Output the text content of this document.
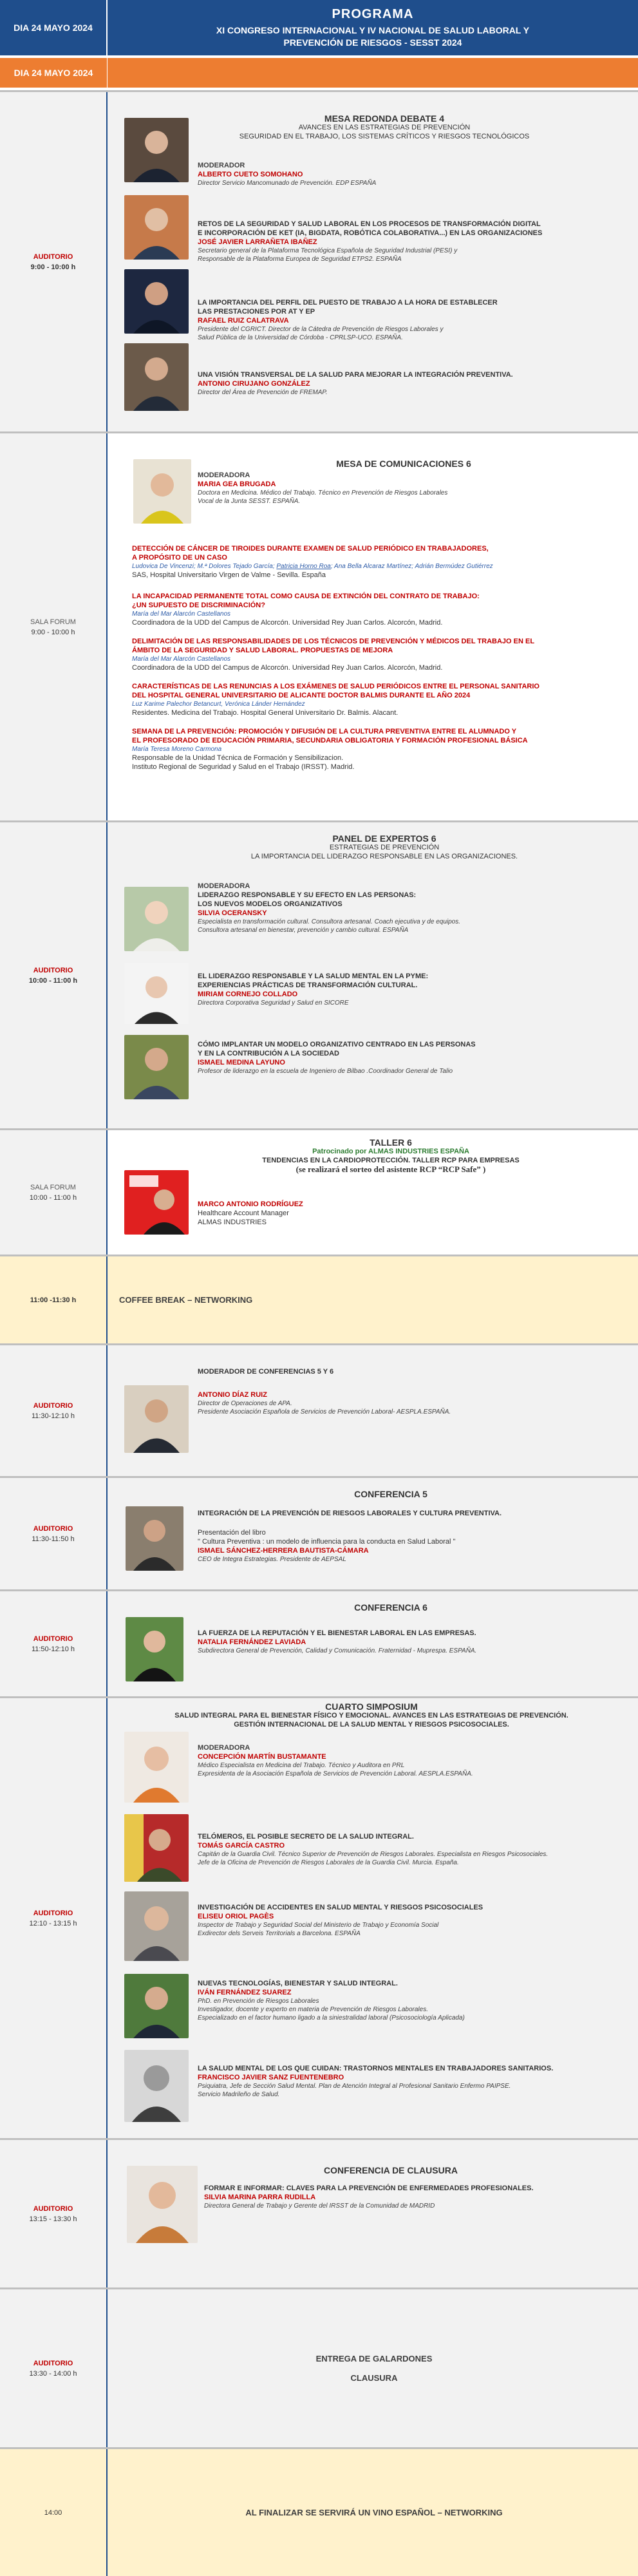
DIA 24 MAYO 2024
PROGRAMA
XI CONGRESO INTERNACIONAL Y IV NACIONAL DE SALUD LABORAL Y
PREVENCIÓN DE RIESGOS - SESST 2024
DIA 24 MAYO 2024
AUDITORIO
9:00 - 10:00 h
MESA REDONDA DEBATE 4
AVANCES EN LAS ESTRATEGIAS DE PREVENCIÓN
SEGURIDAD EN EL TRABAJO, LOS SISTEMAS CRÍTICOS Y RIESGOS TECNOLÓGICOS
MODERADOR
ALBERTO CUETO SOMOHANO
Director Servicio Mancomunado de Prevención. EDP ESPAÑA
RETOS DE LA SEGURIDAD Y SALUD LABORAL EN LOS PROCESOS DE TRANSFORMACIÓN DIGITAL
E INCORPORACIÓN DE KET (IA, BIGDATA, ROBÓTICA COLABORATIVA...) EN LAS ORGANIZACIONES
JOSÉ JAVIER LARRAÑETA IBAÑEZ
Secretario general de la Plataforma Tecnológica Española de Seguridad Industrial (PESI) y
Responsable de la Plataforma Europea de Seguridad ETPS2. ESPAÑA
LA IMPORTANCIA DEL PERFIL DEL PUESTO DE TRABAJO A LA HORA DE ESTABLECER
LAS PRESTACIONES POR AT Y EP
RAFAEL RUIZ CALATRAVA
Presidente del CGRICT. Director de la Cátedra de Prevención de Riesgos Laborales y
Salud Pública de la Universidad de Córdoba - CPRLSP-UCO. ESPAÑA.
UNA VISIÓN TRANSVERSAL DE LA SALUD PARA MEJORAR LA INTEGRACIÓN PREVENTIVA.
ANTONIO CIRUJANO GONZÁLEZ
Director del Área de Prevención de FREMAP.
SALA FORUM
9:00 - 10:00 h
MESA DE COMUNICACIONES 6
MODERADORA
MARIA GEA BRUGADA
Doctora en Medicina. Médico del Trabajo. Técnico en Prevención de Riesgos Laborales
Vocal de la Junta SESST. ESPAÑA.
DETECCIÓN DE CÁNCER DE TIROIDES DURANTE EXAMEN DE SALUD PERIÓDICO EN TRABAJADORES,
A PROPÓSITO DE UN CASO
Ludovica De Vincenzi; M.ª Dolores Tejado García; Patricia Horno Roa; Ana Bella Alcaraz Martínez; Adrián Bermúdez Gutiérrez
SAS, Hospital Universitario Virgen de Valme - Sevilla. España
LA INCAPACIDAD PERMANENTE TOTAL COMO CAUSA DE EXTINCIÓN DEL CONTRATO DE TRABAJO:
¿UN SUPUESTO DE DISCRIMINACIÓN?
María del Mar Alarcón Castellanos
Coordinadora de la UDD del Campus de Alcorcón. Universidad Rey Juan Carlos. Alcorcón, Madrid.
DELIMITACIÓN DE LAS RESPONSABILIDADES DE LOS TÉCNICOS DE PREVENCIÓN Y MÉDICOS DEL TRABAJO EN EL
ÁMBITO DE LA SEGURIDAD Y SALUD LABORAL. PROPUESTAS DE MEJORA
María del Mar Alarcón Castellanos
Coordinadora de la UDD del Campus de Alcorcón. Universidad Rey Juan Carlos. Alcorcón, Madrid.
CARACTERÍSTICAS DE LAS RENUNCIAS A LOS EXÁMENES DE SALUD PERIÓDICOS ENTRE EL PERSONAL SANITARIO
DEL HOSPITAL GENERAL UNIVERSITARIO DE ALICANTE DOCTOR BALMIS DURANTE EL AÑO 2024
Luz Karime Palechor Betancurt, Verónica Lánder Hernández
Residentes. Medicina del Trabajo. Hospital General Universitario Dr. Balmis. Alacant.
SEMANA DE LA PREVENCIÓN: PROMOCIÓN Y DIFUSIÓN DE LA CULTURA PREVENTIVA ENTRE EL ALUMNADO Y
EL PROFESORADO DE EDUCACIÓN PRIMARIA, SECUNDARIA OBLIGATORIA Y FORMACIÓN PROFESIONAL BÁSICA
María Teresa Moreno Carmona
Responsable de la Unidad Técnica de Formación y Sensibilizacion.
Instituto Regional de Seguridad y Salud en el Trabajo (IRSST). Madrid.
AUDITORIO
10:00 - 11:00 h
PANEL DE EXPERTOS 6
ESTRATEGIAS DE PREVENCIÓN
LA IMPORTANCIA DEL LIDERAZGO RESPONSABLE EN LAS ORGANIZACIONES.
MODERADORA
LIDERAZGO RESPONSABLE Y SU EFECTO EN LAS PERSONAS:
LOS NUEVOS MODELOS ORGANIZATIVOS
SILVIA OCERANSKY
Especialista en transformación cultural. Consultora artesanal. Coach ejecutiva y de equipos.
Consultora artesanal en bienestar, prevención y cambio cultural. ESPAÑA
EL LIDERAZGO RESPONSABLE Y LA SALUD MENTAL EN LA PYME:
EXPERIENCIAS PRÁCTICAS DE TRANSFORMACIÓN CULTURAL.
MIRIAM CORNEJO COLLADO
Directora Corporativa Seguridad y Salud en SICORE
CÓMO IMPLANTAR UN MODELO ORGANIZATIVO CENTRADO EN LAS PERSONAS
Y EN LA CONTRIBUCIÓN A LA SOCIEDAD
ISMAEL MEDINA LAYUNO
Profesor de liderazgo en la escuela de Ingeniero de Bilbao .Coordinador General de Talio
SALA FORUM
10:00 - 11:00 h
TALLER 6
Patrocinado por ALMAS INDUSTRIES ESPAÑA
TENDENCIAS EN LA CARDIOPROTECCIÓN. TALLER RCP PARA EMPRESAS
(se realizará el sorteo del asistente RCP “RCP Safe” )
MARCO ANTONIO RODRÍGUEZ
Healthcare Account Manager
ALMAS INDUSTRIES
11:00 -11:30 h	COFFEE BREAK – NETWORKING
AUDITORIO
11:30-12:10 h
MODERADOR DE CONFERENCIAS 5 Y 6
ANTONIO DÍAZ RUIZ
Director de Operaciones de APA.
Presidente Asociación Española de Servicios de Prevención Laboral- AESPLA.ESPAÑA.
AUDITORIO
11:30-11:50 h
CONFERENCIA 5
INTEGRACIÓN DE LA PREVENCIÓN DE RIESGOS LABORALES Y CULTURA PREVENTIVA.
Presentación del libro
" Cultura Preventiva : un modelo de influencia para la conducta en Salud Laboral "
ISMAEL SÁNCHEZ-HERRERA BAUTISTA-CÁMARA
CEO de Integra Estrategias. Presidente de AEPSAL
AUDITORIO
11:50-12:10 h
CONFERENCIA 6
LA FUERZA DE LA REPUTACIÓN Y EL BIENESTAR LABORAL EN LAS EMPRESAS.
NATALIA FERNÁNDEZ LAVIADA
Subdirectora General de Prevención, Calidad y Comunicación. Fraternidad - Muprespa. ESPAÑA.
AUDITORIO
12:10 - 13:15 h
CUARTO SIMPOSIUM
SALUD INTEGRAL PARA EL BIENESTAR FÍSICO Y EMOCIONAL. AVANCES EN LAS ESTRATEGIAS DE PREVENCIÓN.
GESTIÓN INTERNACIONAL DE LA SALUD MENTAL Y RIESGOS PSICOSOCIALES.
MODERADORA
CONCEPCIÓN MARTÍN BUSTAMANTE
Médico Especialista en Medicina del Trabajo. Técnico y Auditora en PRL
Expresidenta de la Asociación Española de Servicios de Prevención Laboral. AESPLA.ESPAÑA.
TELÓMEROS, EL POSIBLE SECRETO DE LA SALUD INTEGRAL.
TOMÁS GARCÍA CASTRO
Capitán de la Guardia Civil. Técnico Superior de Prevención de Riesgos Laborales. Especialista en Riesgos Psicosociales.
Jefe de la Oficina de Prevención de Riesgos Laborales de la Guardia Civil. Murcia. España.
INVESTIGACIÓN DE ACCIDENTES EN SALUD MENTAL Y RIESGOS PSICOSOCIALES
ELISEU ORIOL PAGÈS
Inspector de Trabajo y Seguridad Social del Ministerio de Trabajo y Economía Social
Exdirector dels Serveis Territorials a Barcelona. ESPAÑA
NUEVAS TECNOLOGÍAS, BIENESTAR Y SALUD INTEGRAL.
IVÁN FERNÁNDEZ SUAREZ
PhD. en Prevención de Riesgos Laborales
Investigador, docente y experto en materia de Prevención de Riesgos Laborales.
Especializado en el factor humano ligado a la siniestralidad laboral (Psicosociología Aplicada)
LA SALUD MENTAL DE LOS QUE CUIDAN: TRASTORNOS MENTALES EN TRABAJADORES SANITARIOS.
FRANCISCO JAVIER SANZ FUENTENEBRO
Psiquiatra, Jefe de Sección Salud Mental. Plan de Atención Integral al Profesional Sanitario Enfermo PAIPSE.
Servicio Madrileño de Salud.
AUDITORIO
13:15 - 13:30 h
CONFERENCIA DE CLAUSURA
FORMAR E INFORMAR: CLAVES PARA LA PREVENCIÓN DE ENFERMEDADES PROFESIONALES.
SILVIA MARINA PARRA RUDILLA
Directora General de Trabajo y Gerente del IRSST de la Comunidad de MADRID
AUDITORIO
13:30 - 14:00 h
ENTREGA DE GALARDONES
CLAUSURA
14:00	AL FINALIZAR SE SERVIRÁ UN VINO ESPAÑOL – NETWORKING
